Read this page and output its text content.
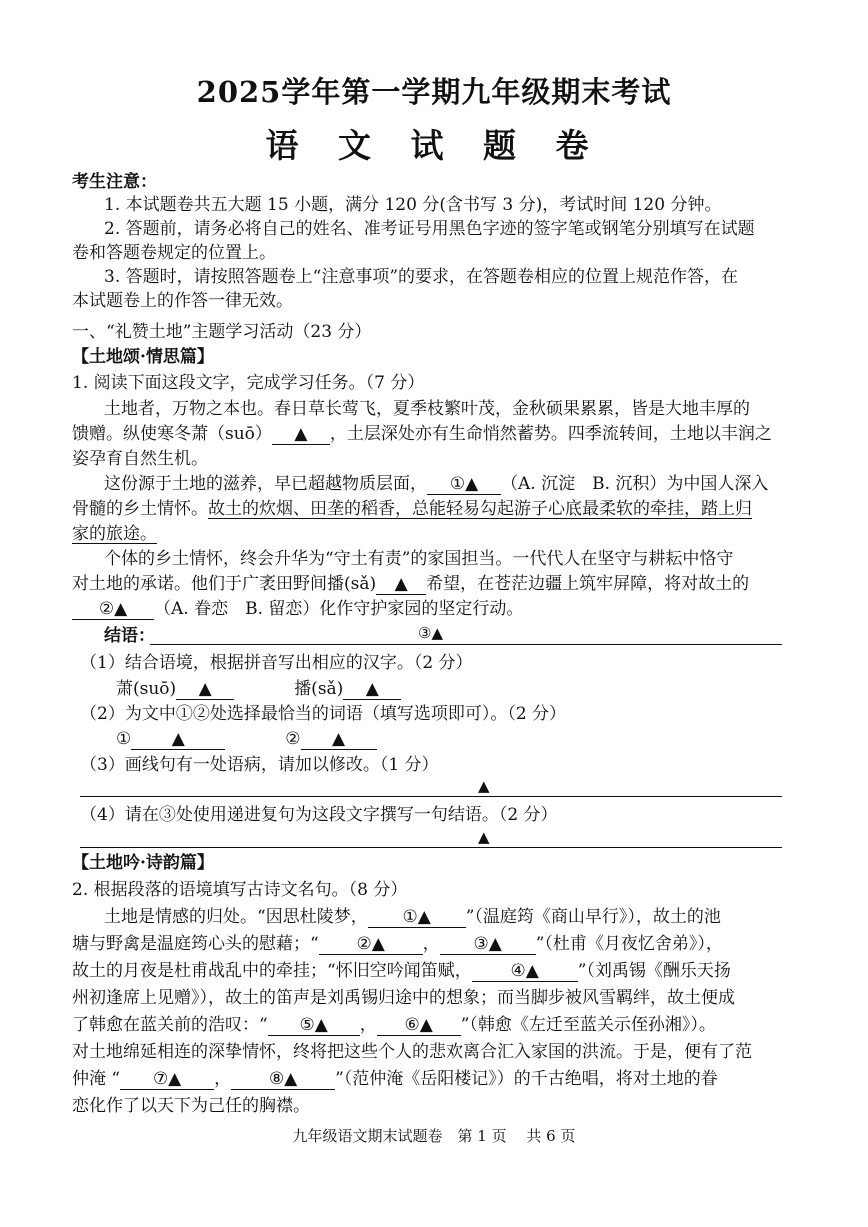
2025学年第一学期九年级期末考试
语 文 试 题 卷
考生注意：
1. 本试题卷共五大题 15 小题，满分 120 分(含书写 3 分)，考试时间 120 分钟。
2. 答题前，请务必将自己的姓名、准考证号用黑色字迹的签字笔或钢笔分别填写在试题
卷和答题卷规定的位置上。
3. 答题时，请按照答题卷上“注意事项”的要求，在答题卷相应的位置上规范作答，在
本试题卷上的作答一律无效。
一、“礼赞土地”主题学习活动（23 分）
【土地颂·情思篇】
1. 阅读下面这段文字，完成学习任务。（7 分）
土地者，万物之本也。春日草长莺飞，夏季枝繁叶茂，金秋硕果累累，皆是大地丰厚的
馈赠。纵使寒冬萧（suō） ▲ ，土层深处亦有生命悄然蓄势。四季流转间，土地以丰润之
姿孕育自然生机。
这份源于土地的滋养，早已超越物质层面， ①▲ （A. 沉淀　B. 沉积）为中国人深入
骨髓的乡土情怀。故土的炊烟、田垄的稻香，总能轻易勾起游子心底最柔软的牵挂，踏上归
家的旅途。
个体的乡土情怀，终会升华为“守土有责”的家国担当。一代代人在坚守与耕耘中恪守
对土地的承诺。他们于广袤田野间播(sǎ) ▲ 希望，在苍茫边疆上筑牢屏障，将对故土的
②▲ （A. 眷恋　B. 留恋）化作守护家园的坚定行动。
结语：	③▲
（1）结合语境，根据拼音写出相应的汉字。（2 分）
萧(suō) ▲	播(sǎ) ▲
（2）为文中①②处选择最恰当的词语（填写选项即可）。（2 分）
① ▲	② ▲
（3）画线句有一处语病，请加以修改。（1 分）
▲
（4）请在③处使用递进复句为这段文字撰写一句结语。（2 分）
▲
【土地吟·诗韵篇】
2. 根据段落的语境填写古诗文名句。（8 分）
土地是情感的归处。“因思杜陵梦， ①▲ ”（温庭筠《商山早行》），故土的池
塘与野禽是温庭筠心头的慰藉；“ ②▲ ， ③▲ ”（杜甫《月夜忆舍弟》），
故土的月夜是杜甫战乱中的牵挂；“怀旧空吟闻笛赋， ④▲ ”（刘禹锡《酬乐天扬
州初逢席上见赠》），故土的笛声是刘禹锡归途中的想象；而当脚步被风雪羁绊，故土便成
了韩愈在蓝关前的浩叹：“ ⑤▲ ， ⑥▲ ”（韩愈《左迁至蓝关示侄孙湘》）。
对土地绵延相连的深挚情怀，终将把这些个人的悲欢离合汇入家国的洪流。于是，便有了范
仲淹 “ ⑦▲ ， ⑧▲ ”（范仲淹《岳阳楼记》）的千古绝唱，将对土地的眷
恋化作了以天下为己任的胸襟。
九年级语文期末试题卷　第 1 页　 共 6 页
